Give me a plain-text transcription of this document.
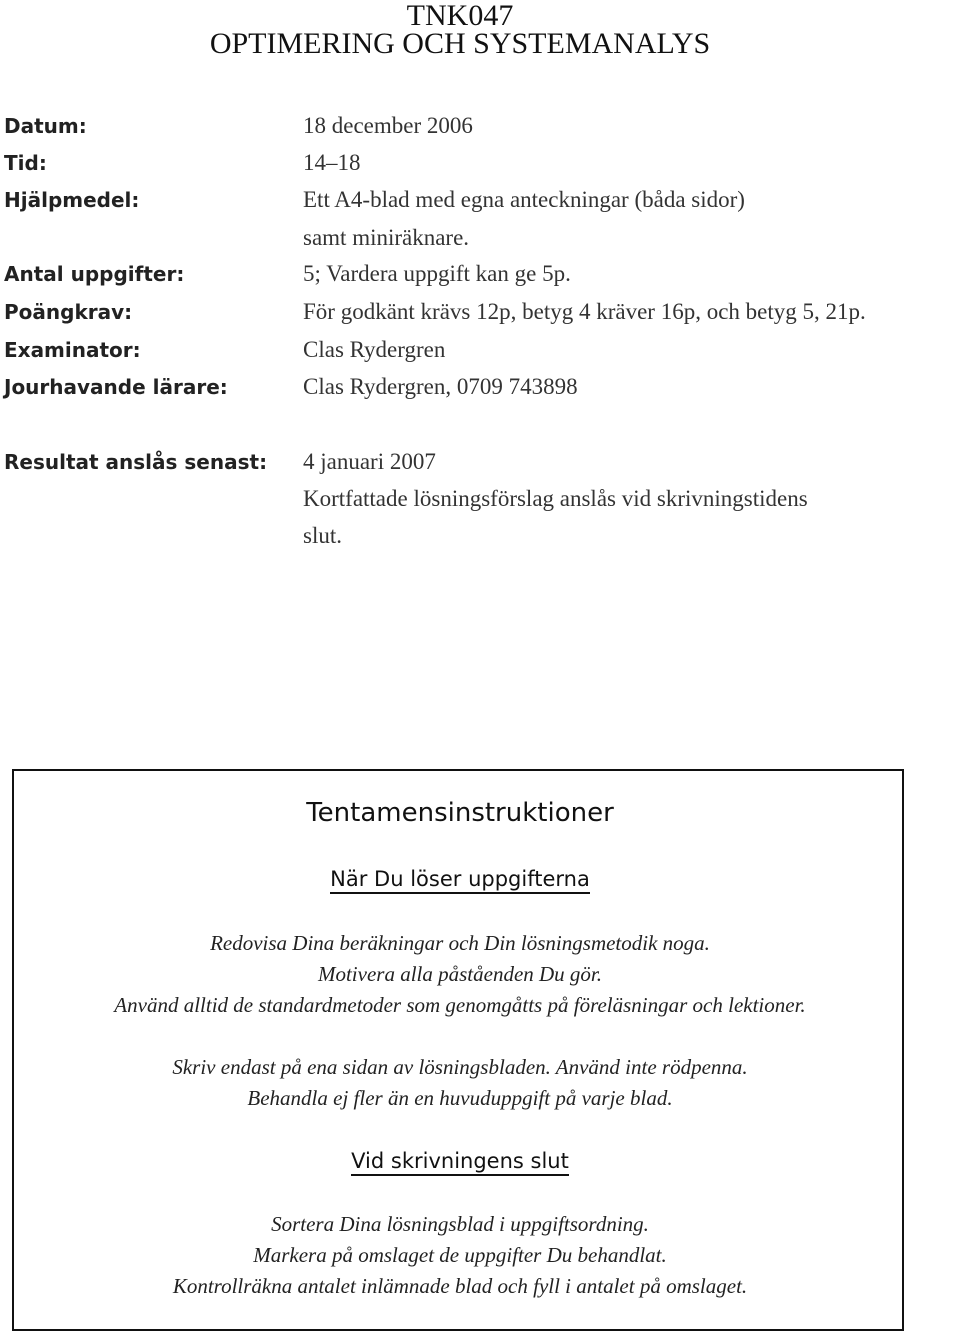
TNK047
OPTIMERING OCH SYSTEMANALYS
Datum:	18 december 2006
Tid:	14–18
Hjälpmedel:	Ett A4-blad med egna anteckningar (båda sidor)
samt miniräknare.
Antal uppgifter:	5; Vardera uppgift kan ge 5p.
Poängkrav:	För godkänt krävs 12p, betyg 4 kräver 16p, och betyg 5, 21p.
Examinator:	Clas Rydergren
Jourhavande lärare:	Clas Rydergren, 0709 743898
Resultat anslås senast: 4 januari 2007
Kortfattade lösningsförslag anslås vid skrivningstidens
slut.
Tentamensinstruktioner
När Du löser uppgifterna
Redovisa Dina beräkningar och Din lösningsmetodik noga.
Motivera alla påståenden Du gör.
Använd alltid de standardmetoder som genomgåtts på föreläsningar och lektioner.
Skriv endast på ena sidan av lösningsbladen. Använd inte rödpenna.
Behandla ej fler än en huvuduppgift på varje blad.
Vid skrivningens slut
Sortera Dina lösningsblad i uppgiftsordning.
Markera på omslaget de uppgifter Du behandlat.
Kontrollräkna antalet inlämnade blad och fyll i antalet på omslaget.
